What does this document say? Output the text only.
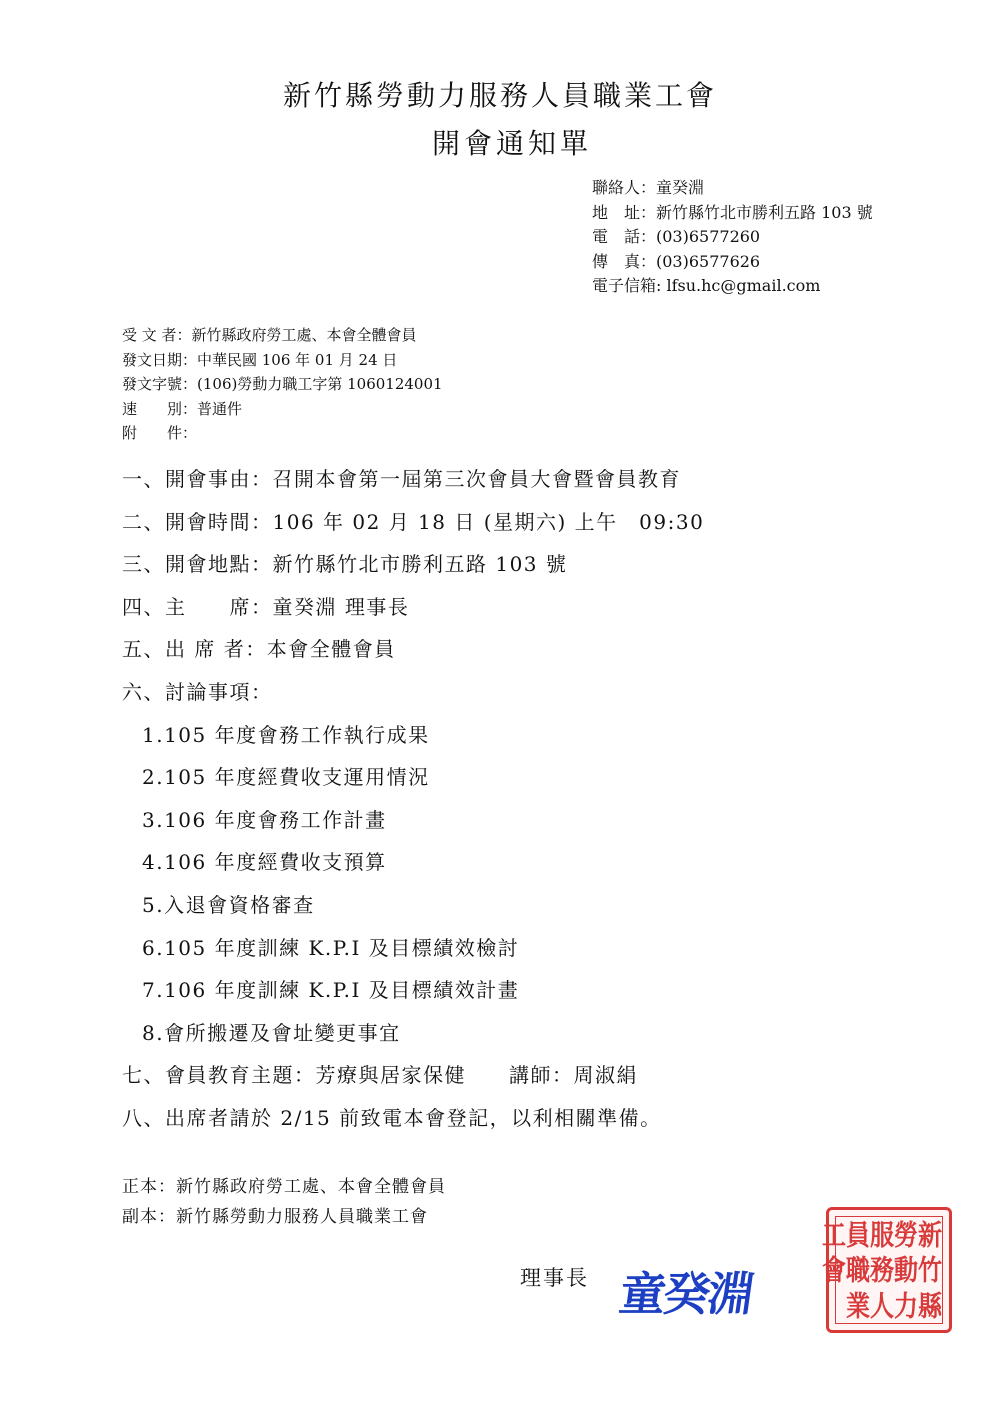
新竹縣勞動力服務人員職業工會
開會通知單
聯絡人：童癸淵
地　址：新竹縣竹北市勝利五路 103 號
電　話：(03)6577260
傳　真：(03)6577626
電子信箱: lfsu.hc@gmail.com
受 文 者：新竹縣政府勞工處、本會全體會員
發文日期：中華民國 106 年 01 月 24 日
發文字號：(106)勞動力職工字第 1060124001
速　　別：普通件
附　　件：
一、開會事由：召開本會第一屆第三次會員大會暨會員教育
二、開會時間：106 年 02 月 18 日 (星期六) 上午　09:30
三、開會地點：新竹縣竹北市勝利五路 103 號
四、主　　席：童癸淵 理事長
五、出 席 者：本會全體會員
六、討論事項：
1.105 年度會務工作執行成果
2.105 年度經費收支運用情況
3.106 年度會務工作計畫
4.106 年度經費收支預算
5.入退會資格審查
6.105 年度訓練 K.P.I 及目標績效檢討
7.106 年度訓練 K.P.I 及目標績效計畫
8.會所搬遷及會址變更事宜
七、會員教育主題：芳療與居家保健　　講師：周淑絹
八、出席者請於 2/15 前致電本會登記，以利相關準備。
正本：新竹縣政府勞工處、本會全體會員
副本：新竹縣勞動力服務人員職業工會
理事長 童癸淵
新
竹
縣
勞
動
力
服
務
人
員
職
業
工
會
